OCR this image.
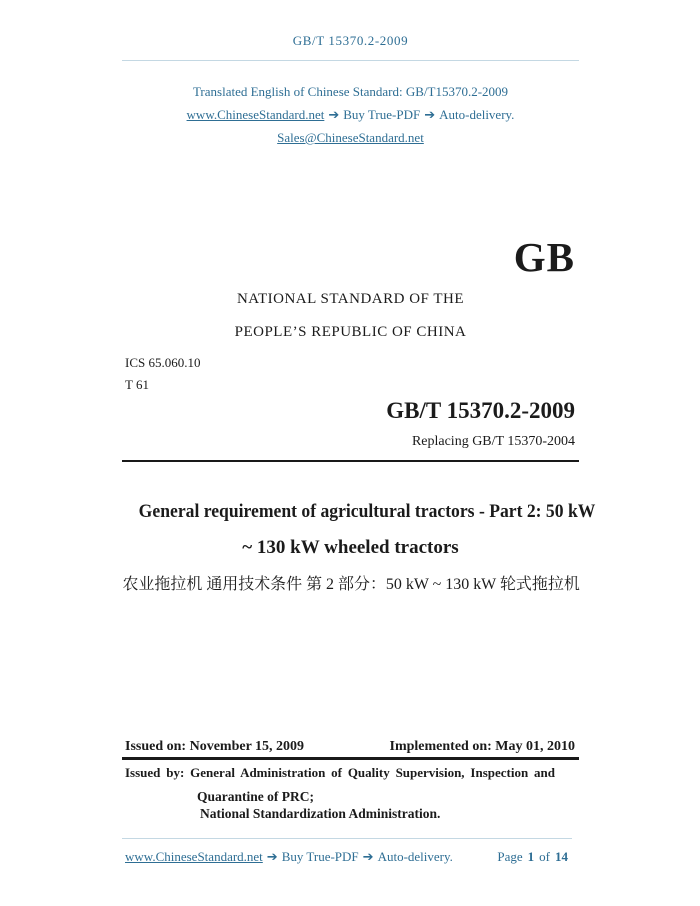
GB/T 15370.2-2009
Translated English of Chinese Standard: GB/T15370.2-2009
www.ChineseStandard.net ➔ Buy True-PDF ➔ Auto-delivery.
Sales@ChineseStandard.net
GB
NATIONAL STANDARD OF THE
PEOPLE’S REPUBLIC OF CHINA
ICS 65.060.10
T 61
GB/T 15370.2-2009
Replacing GB/T 15370-2004
General requirement of agricultural tractors - Part 2: 50 kW
~ 130 kW wheeled tractors
农业拖拉机 通用技术条件 第 2 部分：50 kW ~ 130 kW 轮式拖拉机
Issued on: November 15, 2009	Implemented on: May 01, 2010
Issued by: General Administration of Quality Supervision, Inspection and
Quarantine of PRC;
National Standardization Administration.
www.ChineseStandard.net ➔ Buy True-PDF ➔ Auto-delivery.	Page 1 of 14
